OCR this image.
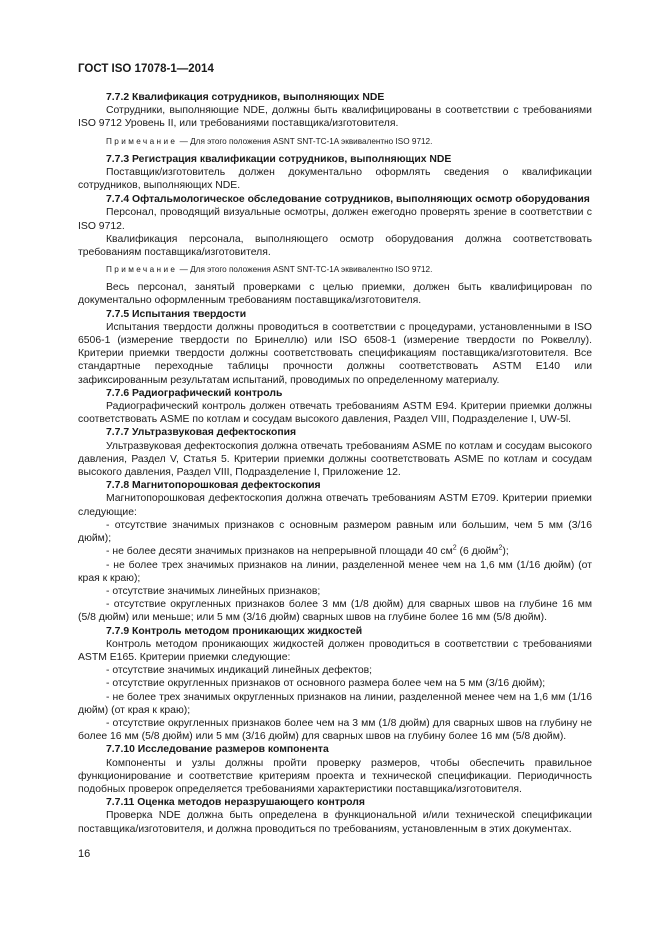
ГОСТ ISO 17078-1—2014

7.7.2 Квалификация сотрудников, выполняющих NDE

Сотрудники, выполняющие NDE, должны быть квалифицированы в соответствии с требованиями ISO 9712 Уровень II, или требованиями поставщика/изготовителя.

Примечание — Для этого положения ASNT SNT-TC-1A эквивалентно ISO 9712.

7.7.3 Регистрация квалификации сотрудников, выполняющих NDE

Поставщик/изготовитель должен документально оформлять сведения о квалификации сотрудников, выполняющих NDE.

7.7.4 Офтальмологическое обследование сотрудников, выполняющих осмотр оборудования

Персонал, проводящий визуальные осмотры, должен ежегодно проверять зрение в соответствии с ISO 9712.

Квалификация персонала, выполняющего осмотр оборудования должна соответствовать требованиям поставщика/изготовителя.

Примечание — Для этого положения ASNT SNT-TC-1A эквивалентно ISO 9712.

Весь персонал, занятый проверками с целью приемки, должен быть квалифицирован по документально оформленным требованиям поставщика/изготовителя.

7.7.5 Испытания твердости

Испытания твердости должны проводиться в соответствии с процедурами, установленными в ISO 6506-1 (измерение твердости по Бринеллю) или ISO 6508-1 (измерение твердости по Роквеллу). Критерии приемки твердости должны соответствовать спецификациям поставщика/изготовителя. Все стандартные переходные таблицы прочности должны соответствовать ASTM E140 или зафиксированным результатам испытаний, проводимых по определенному материалу.

7.7.6 Радиографический контроль

Радиографический контроль должен отвечать требованиям ASTM E94. Критерии приемки должны соответствовать ASME по котлам и сосудам высокого давления, Раздел VIII, Подразделение I, UW-5l.

7.7.7 Ультразвуковая дефектоскопия

Ультразвуковая дефектоскопия должна отвечать требованиям ASME по котлам и сосудам высокого давления, Раздел V, Статья 5. Критерии приемки должны соответствовать ASME по котлам и сосудам высокого давления, Раздел VIII, Подразделение I, Приложение 12.

7.7.8 Магнитопорошковая дефектоскопия

Магнитопорошковая дефектоскопия должна отвечать требованиям ASTM E709. Критерии приемки следующие:

- отсутствие значимых признаков с основным размером равным или большим, чем 5 мм (3/16 дюйм);

- не более десяти значимых признаков на непрерывной площади 40 $см^2$ (6 дюйм$^2$);

- не более трех значимых признаков на линии, разделенной менее чем на 1,6 мм (1/16 дюйм) (от края к краю);

- отсутствие значимых линейных признаков;

- отсутствие округленных признаков более 3 мм (1/8 дюйм) для сварных швов на глубине 16 мм (5/8 дюйм) или меньше; или 5 мм (3/16 дюйм) сварных швов на глубине более 16 мм (5/8 дюйм).

7.7.9 Контроль методом проникающих жидкостей

Контроль методом проникающих жидкостей должен проводиться в соответствии с требованиями ASTM E165. Критерии приемки следующие:

- отсутствие значимых индикаций линейных дефектов;

- отсутствие округленных признаков от основного размера более чем на 5 мм (3/16 дюйм);

- не более трех значимых округленных признаков на линии, разделенной менее чем на 1,6 мм (1/16 дюйм) (от края к краю);

- отсутствие округленных признаков более чем на 3 мм (1/8 дюйм) для сварных швов на глубину не более 16 мм (5/8 дюйм) или 5 мм (3/16 дюйм) для сварных швов на глубину более 16 мм (5/8 дюйм).

7.7.10 Исследование размеров компонента

Компоненты и узлы должны пройти проверку размеров, чтобы обеспечить правильное функционирование и соответствие критериям проекта и технической спецификации. Периодичность подобных проверок определяется требованиями характеристики поставщика/изготовителя.

7.7.11 Оценка методов неразрушающего контроля

Проверка NDE должна быть определена в функциональной и/или технической спецификации поставщика/изготовителя, и должна проводиться по требованиям, установленным в этих документах.

16
